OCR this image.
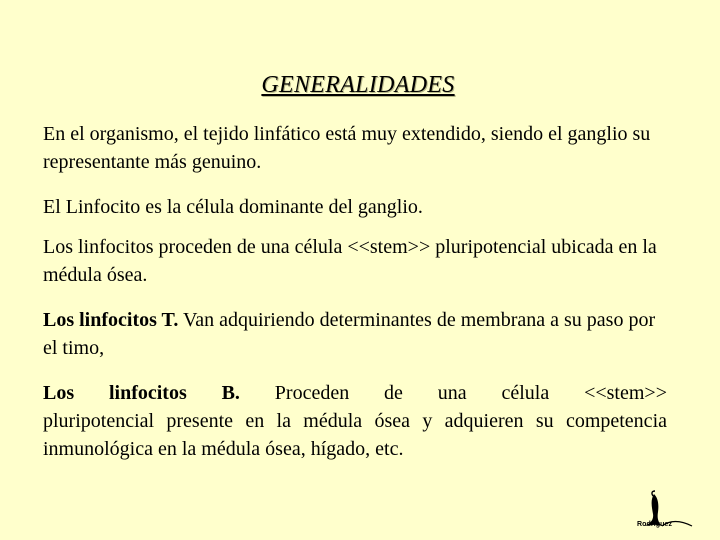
GENERALIDADES
En el organismo, el tejido linfático está muy extendido, siendo el ganglio su representante más genuino.
El Linfocito es la célula dominante del ganglio.
Los linfocitos proceden de una célula <<stem>> pluripotencial ubicada en la médula ósea.
Los linfocitos T. Van adquiriendo determinantes de membrana a su paso por el timo,
Los linfocitos B. Proceden de una célula <<stem>>
pluripotencial presente en la médula ósea y adquieren su competencia inmunológica en la médula ósea, hígado, etc.
Rodríguez
